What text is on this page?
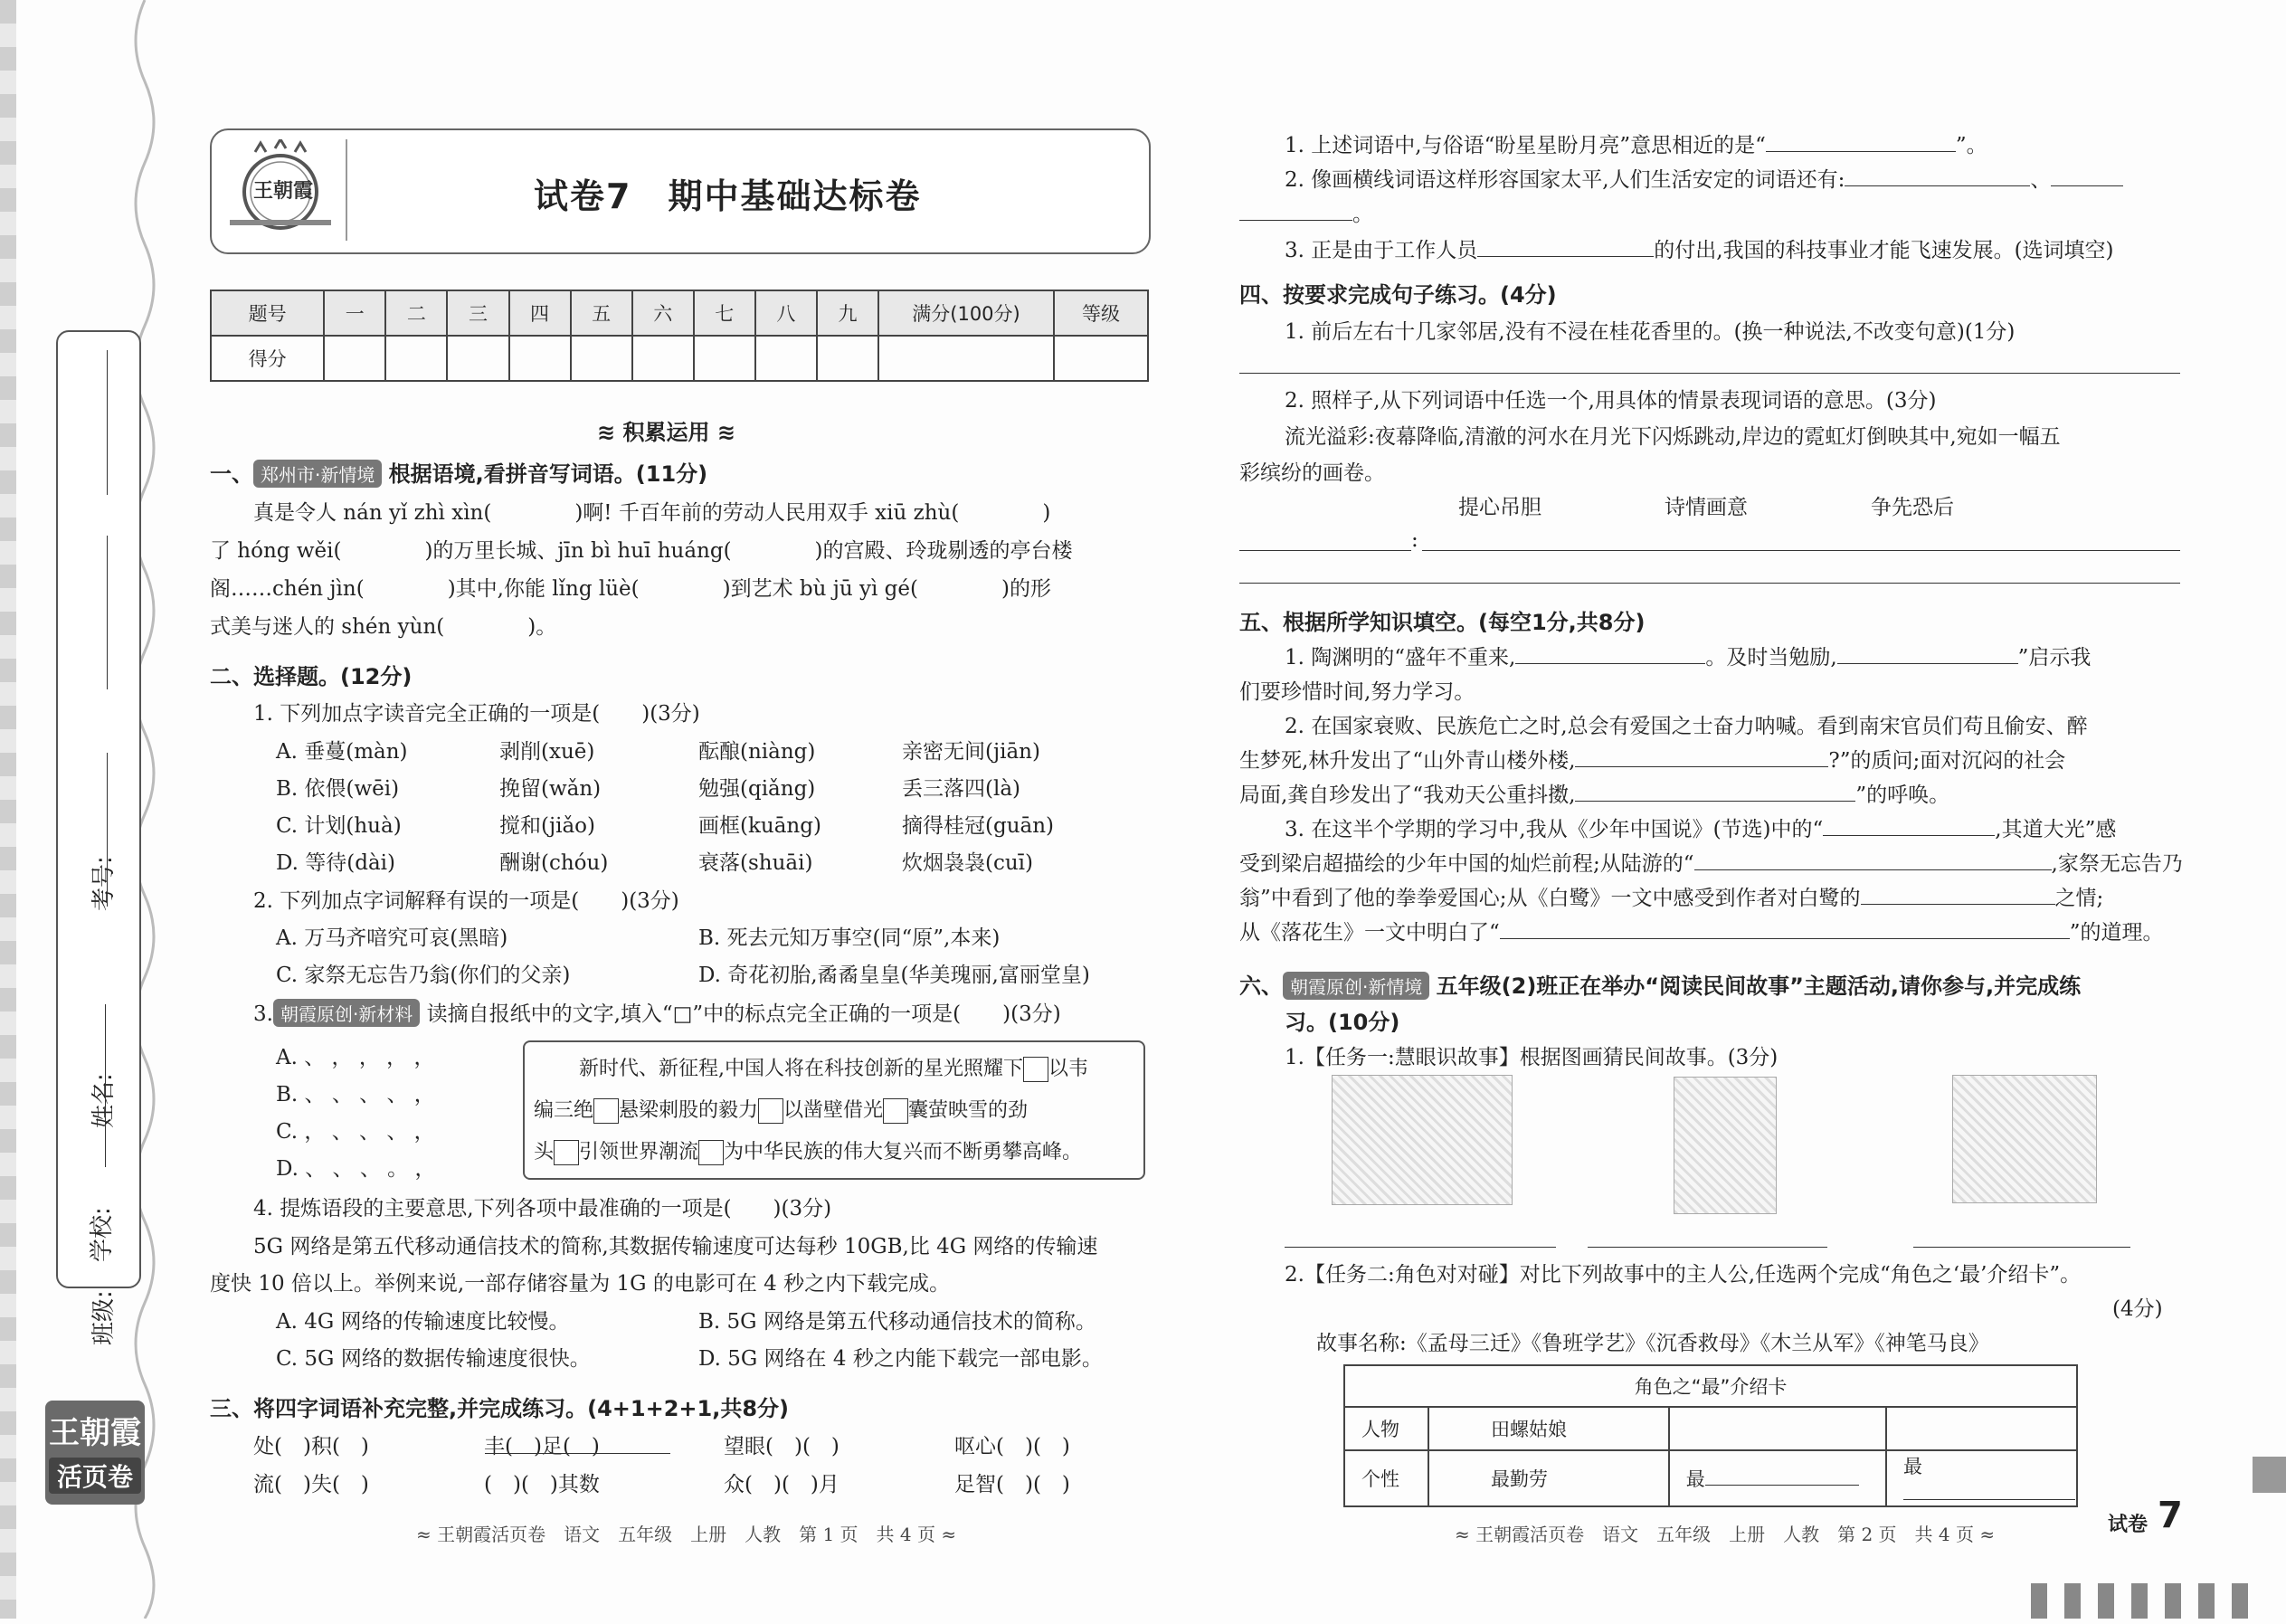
考号:
姓名:
班级:
学校:
王朝霞
活页卷
王朝霞	试卷7　期中基础达标卷
题号	一	二	三	四	五	六	七	八	九	满分(100分)	等级
得分											
≋ 积累运用 ≋
一、 郑州市·新情境 根据语境,看拼音写词语。(11分)
真是令人 nán yǐ zhì xìn(　　　　)啊! 千百年前的劳动人民用双手 xiū zhù(　　　　)
了 hóng wěi(　　　　)的万里长城、jīn bì huī huáng(　　　　)的宫殿、玲珑剔透的亭台楼
阁……chén jìn(　　　　)其中,你能 lǐng lüè(　　　　)到艺术 bù jū yì gé(　　　　)的形
式美与迷人的 shén yùn(　　　　)。
二、选择题。(12分)
1. 下列加点字读音完全正确的一项是(　　)(3分)
A. 垂蔓(màn)	剥削(xuē)	酝酿(niàng)	亲密无间(jiān)
B. 依偎(wēi)	挽留(wǎn)	勉强(qiǎng)	丢三落四(là)
C. 计划(huà)	搅和(jiǎo)	画框(kuāng)	摘得桂冠(guān)
D. 等待(dài)	酬谢(chóu)	衰落(shuāi)	炊烟袅袅(cuī)
2. 下列加点字词解释有误的一项是(　　)(3分)
A. 万马齐喑究可哀(黑暗)	B. 死去元知万事空(同“原”,本来)
C. 家祭无忘告乃翁(你们的父亲)	D. 奇花初胎,矞矞皇皇(华美瑰丽,富丽堂皇)
3. 朝霞原创·新材料 读摘自报纸中的文字,填入“□”中的标点完全正确的一项是(　　)(3分)
A. 、 ， ， ， ，
B. 、 、 、 、 ，
C. ， 、 、 、 ，
D. 、 、 、 。 ，
新时代、新征程,中国人将在科技创新的星光照耀下 以韦
编三绝 悬梁刺股的毅力 以凿壁借光 囊萤映雪的劲
头 引领世界潮流 为中华民族的伟大复兴而不断勇攀高峰。
4. 提炼语段的主要意思,下列各项中最准确的一项是(　　)(3分)
5G 网络是第五代移动通信技术的简称,其数据传输速度可达每秒 10GB,比 4G 网络的传输速
度快 10 倍以上。举例来说,一部存储容量为 1G 的电影可在 4 秒之内下载完成。
A. 4G 网络的传输速度比较慢。	B. 5G 网络是第五代移动通信技术的简称。
C. 5G 网络的数据传输速度很快。	D. 5G 网络在 4 秒之内能下载完一部电影。
三、将四字词语补充完整,并完成练习。(4+1+2+1,共8分)
处(　)积(　)	丰(　)足(　)	望眼(　)(　)	呕心(　)(　)
流(　)失(　)	(　)(　)其数	众(　)(　)月	足智(　)(　)
≈ 王朝霞活页卷　语文　五年级　上册　人教　第 1 页　共 4 页 ≈
1. 上述词语中,与俗语“盼星星盼月亮”意思相近的是“	”。
2. 像画横线词语这样形容国家太平,人们生活安定的词语还有:	、
。
3. 正是由于工作人员	的付出,我国的科技事业才能飞速发展。(选词填空)
四、按要求完成句子练习。(4分)
1. 前后左右十几家邻居,没有不浸在桂花香里的。(换一种说法,不改变句意)(1分)
2. 照样子,从下列词语中任选一个,用具体的情景表现词语的意思。(3分)
流光溢彩:夜幕降临,清澈的河水在月光下闪烁跳动,岸边的霓虹灯倒映其中,宛如一幅五
彩缤纷的画卷。
提心吊胆	诗情画意	争先恐后
:
五、根据所学知识填空。(每空1分,共8分)
1. 陶渊明的“盛年不重来,	。及时当勉励,	”启示我
们要珍惜时间,努力学习。
2. 在国家衰败、民族危亡之时,总会有爱国之士奋力呐喊。看到南宋官员们苟且偷安、醉
生梦死,林升发出了“山外青山楼外楼,	?”的质问;面对沉闷的社会
局面,龚自珍发出了“我劝天公重抖擞,	”的呼唤。
3. 在这半个学期的学习中,我从《少年中国说》(节选)中的“	,其道大光”感
受到梁启超描绘的少年中国的灿烂前程;从陆游的“	,家祭无忘告乃
翁”中看到了他的拳拳爱国心;从《白鹭》一文中感受到作者对白鹭的	之情;
从《落花生》一文中明白了“	”的道理。
六、 朝霞原创·新情境 五年级(2)班正在举办“阅读民间故事”主题活动,请你参与,并完成练
习。(10分)
1.【任务一:慧眼识故事】根据图画猜民间故事。(3分)
2.【任务二:角色对对碰】对比下列故事中的主人公,任选两个完成“角色之‘最’介绍卡”。
(4分)
故事名称:《孟母三迁》《鲁班学艺》《沉香救母》《木兰从军》《神笔马良》
角色之“最”介绍卡			
人物	田螺姑娘		
个性	最勤劳	最	最
≈ 王朝霞活页卷　语文　五年级　上册　人教　第 2 页　共 4 页 ≈	试卷 7
